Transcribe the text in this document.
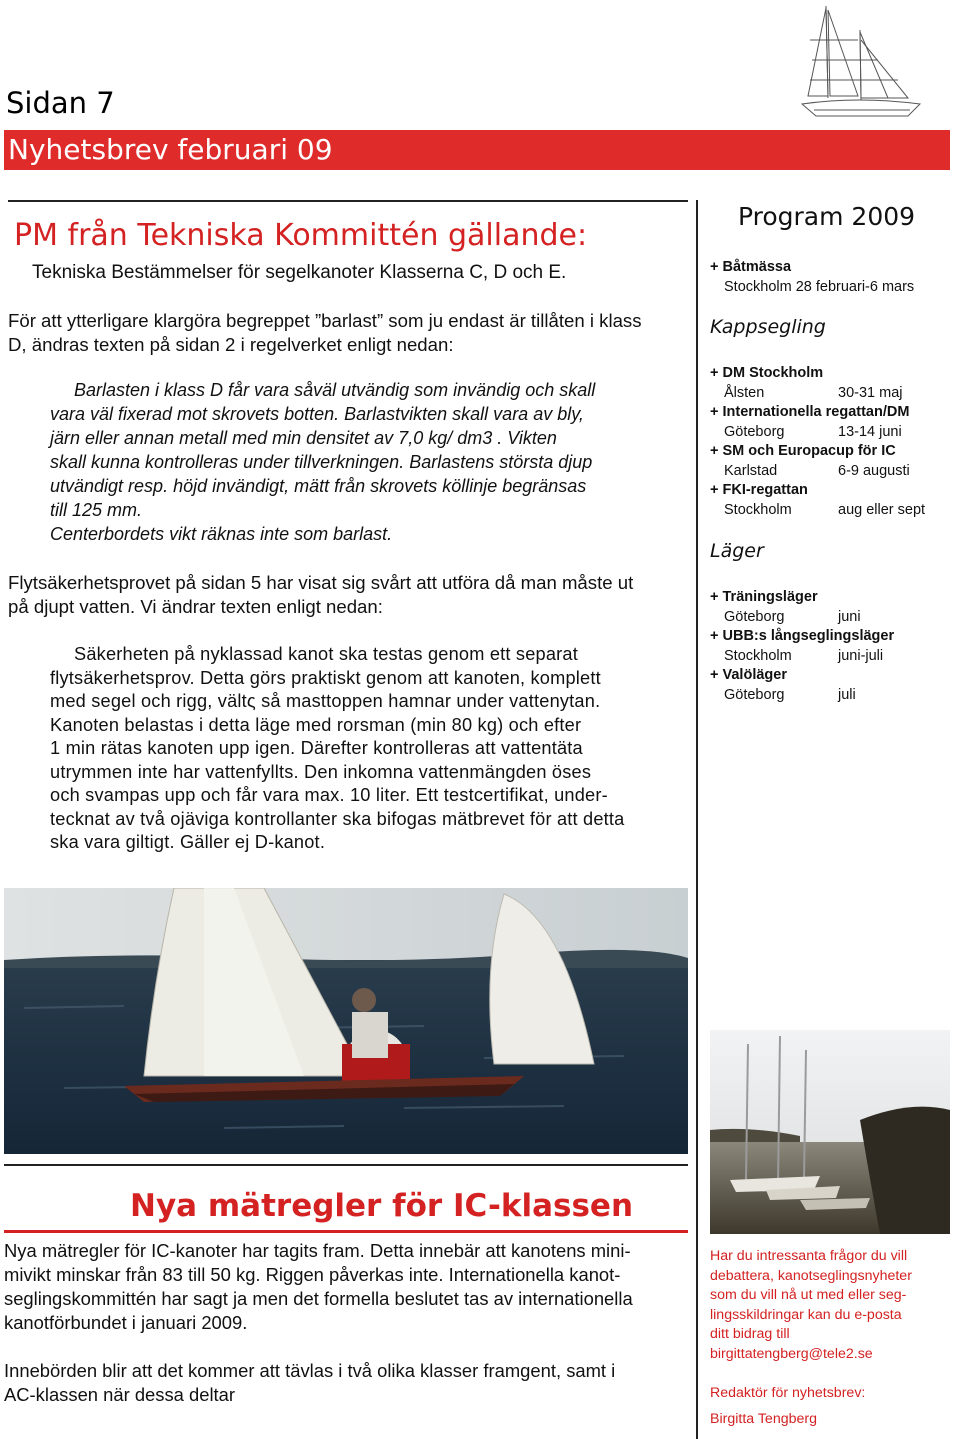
Sidan 7
Nyhetsbrev februari 09
PM från Tekniska Kommittén gällande:
Tekniska Bestämmelser för segelkanoter Klasserna C, D och E.
För att ytterligare klargöra begreppet ”barlast” som ju endast är tillåten i klass
D, ändras texten på sidan 2 i regelverket enligt nedan:
Barlasten i klass D får vara såväl utvändig som invändig och skall
vara väl fixerad mot skrovets botten. Barlastvikten skall vara av bly,
järn eller annan metall med min densitet av 7,0 kg/ dm3 . Vikten
skall kunna kontrolleras under tillverkningen. Barlastens största djup
utvändigt resp. höjd invändigt, mätt från skrovets köllinje begränsas
till 125 mm.
Centerbordets vikt räknas inte som barlast.
Flytsäkerhetsprovet på sidan 5 har visat sig svårt att utföra då man måste ut
på djupt vatten. Vi ändrar texten enligt nedan:
Säkerheten på nyklassad kanot ska testas genom ett separat
flytsäkerhetsprov. Detta görs praktiskt genom att kanoten, komplett
med segel och rigg, vältς så masttoppen hamnar under vattenytan.
Kanoten belastas i detta läge med rorsman (min 80 kg) och efter
1 min rätas kanoten upp igen. Därefter kontrolleras att vattentäta
utrymmen inte har vattenfyllts. Den inkomna vattenmängden öses
och svampas upp och får vara max. 10 liter. Ett testcertifikat, under-
tecknat av två ojäviga kontrollanter ska bifogas mätbrevet för att detta
ska vara giltigt. Gäller ej D-kanot.
Program 2009
+ Båtmässa
Stockholm 28 februari-6 mars
Kappsegling
+ DM Stockholm
Ålsten	30-31 maj
+ Internationella regattan/DM
Göteborg	13-14 juni
+ SM och Europacup för IC
Karlstad	6-9 augusti
+ FKI-regattan
Stockholm	aug eller sept
Läger
+ Träningsläger
Göteborg	juni
+ UBB:s långseglingsläger
Stockholm	juni-juli
+ Valöläger
Göteborg	juli
Nya mätregler för IC-klassen
Nya mätregler för IC-kanoter har tagits fram. Detta innebär att kanotens mini-
mivikt minskar från 83 till 50 kg. Riggen påverkas inte. Internationella kanot-
seglingskommittén har sagt ja men det formella beslutet tas av internationella
kanotförbundet i januari 2009.
Innebörden blir att det kommer att tävlas i två olika klasser framgent, samt i
AC-klassen när dessa deltar
Har du intressanta frågor du vill
debattera, kanotseglingsnyheter
som du vill nå ut med eller seg-
lingsskildringar kan du e-posta
ditt bidrag till
birgittatengberg@tele2.se
Redaktör för nyhetsbrev:
Birgitta Tengberg
